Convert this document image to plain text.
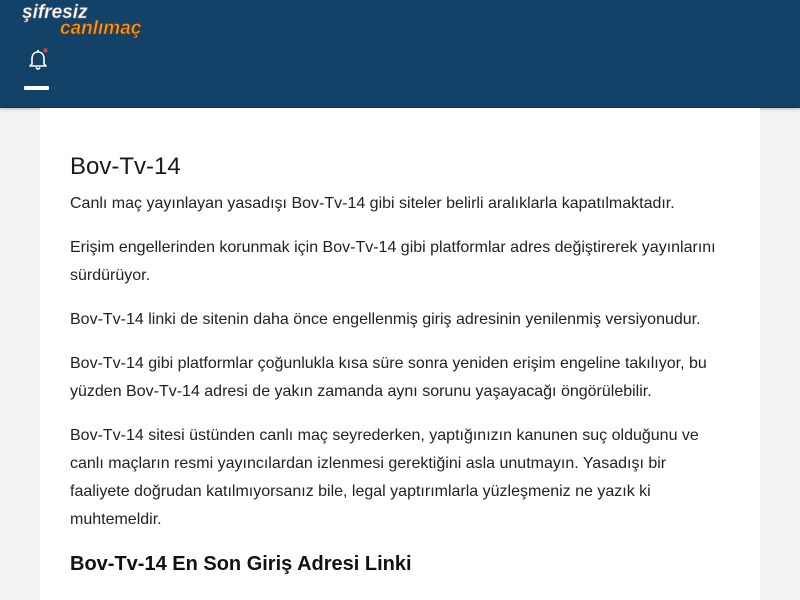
şifresiz
canlımaç
Bov-Tv-14

Canlı maç yayınlayan yasadışı Bov-Tv-14 gibi siteler belirli aralıklarla kapatılmaktadır.

Erişim engellerinden korunmak için Bov-Tv-14 gibi platformlar adres değiştirerek yayınlarını sürdürüyor.

Bov-Tv-14 linki de sitenin daha önce engellenmiş giriş adresinin yenilenmiş versiyonudur.

Bov-Tv-14 gibi platformlar çoğunlukla kısa süre sonra yeniden erişim engeline takılıyor, bu yüzden Bov-Tv-14 adresi de yakın zamanda aynı sorunu yaşayacağı öngörülebilir.

Bov-Tv-14 sitesi üstünden canlı maç seyrederken, yaptığınızın kanunen suç olduğunu ve canlı maçların resmi yayıncılardan izlenmesi gerektiğini asla unutmayın. Yasadışı bir faaliyete doğrudan katılmıyorsanız bile, legal yaptırımlarla yüzleşmeniz ne yazık ki muhtemeldir.

Bov-Tv-14 En Son Giriş Adresi Linki
